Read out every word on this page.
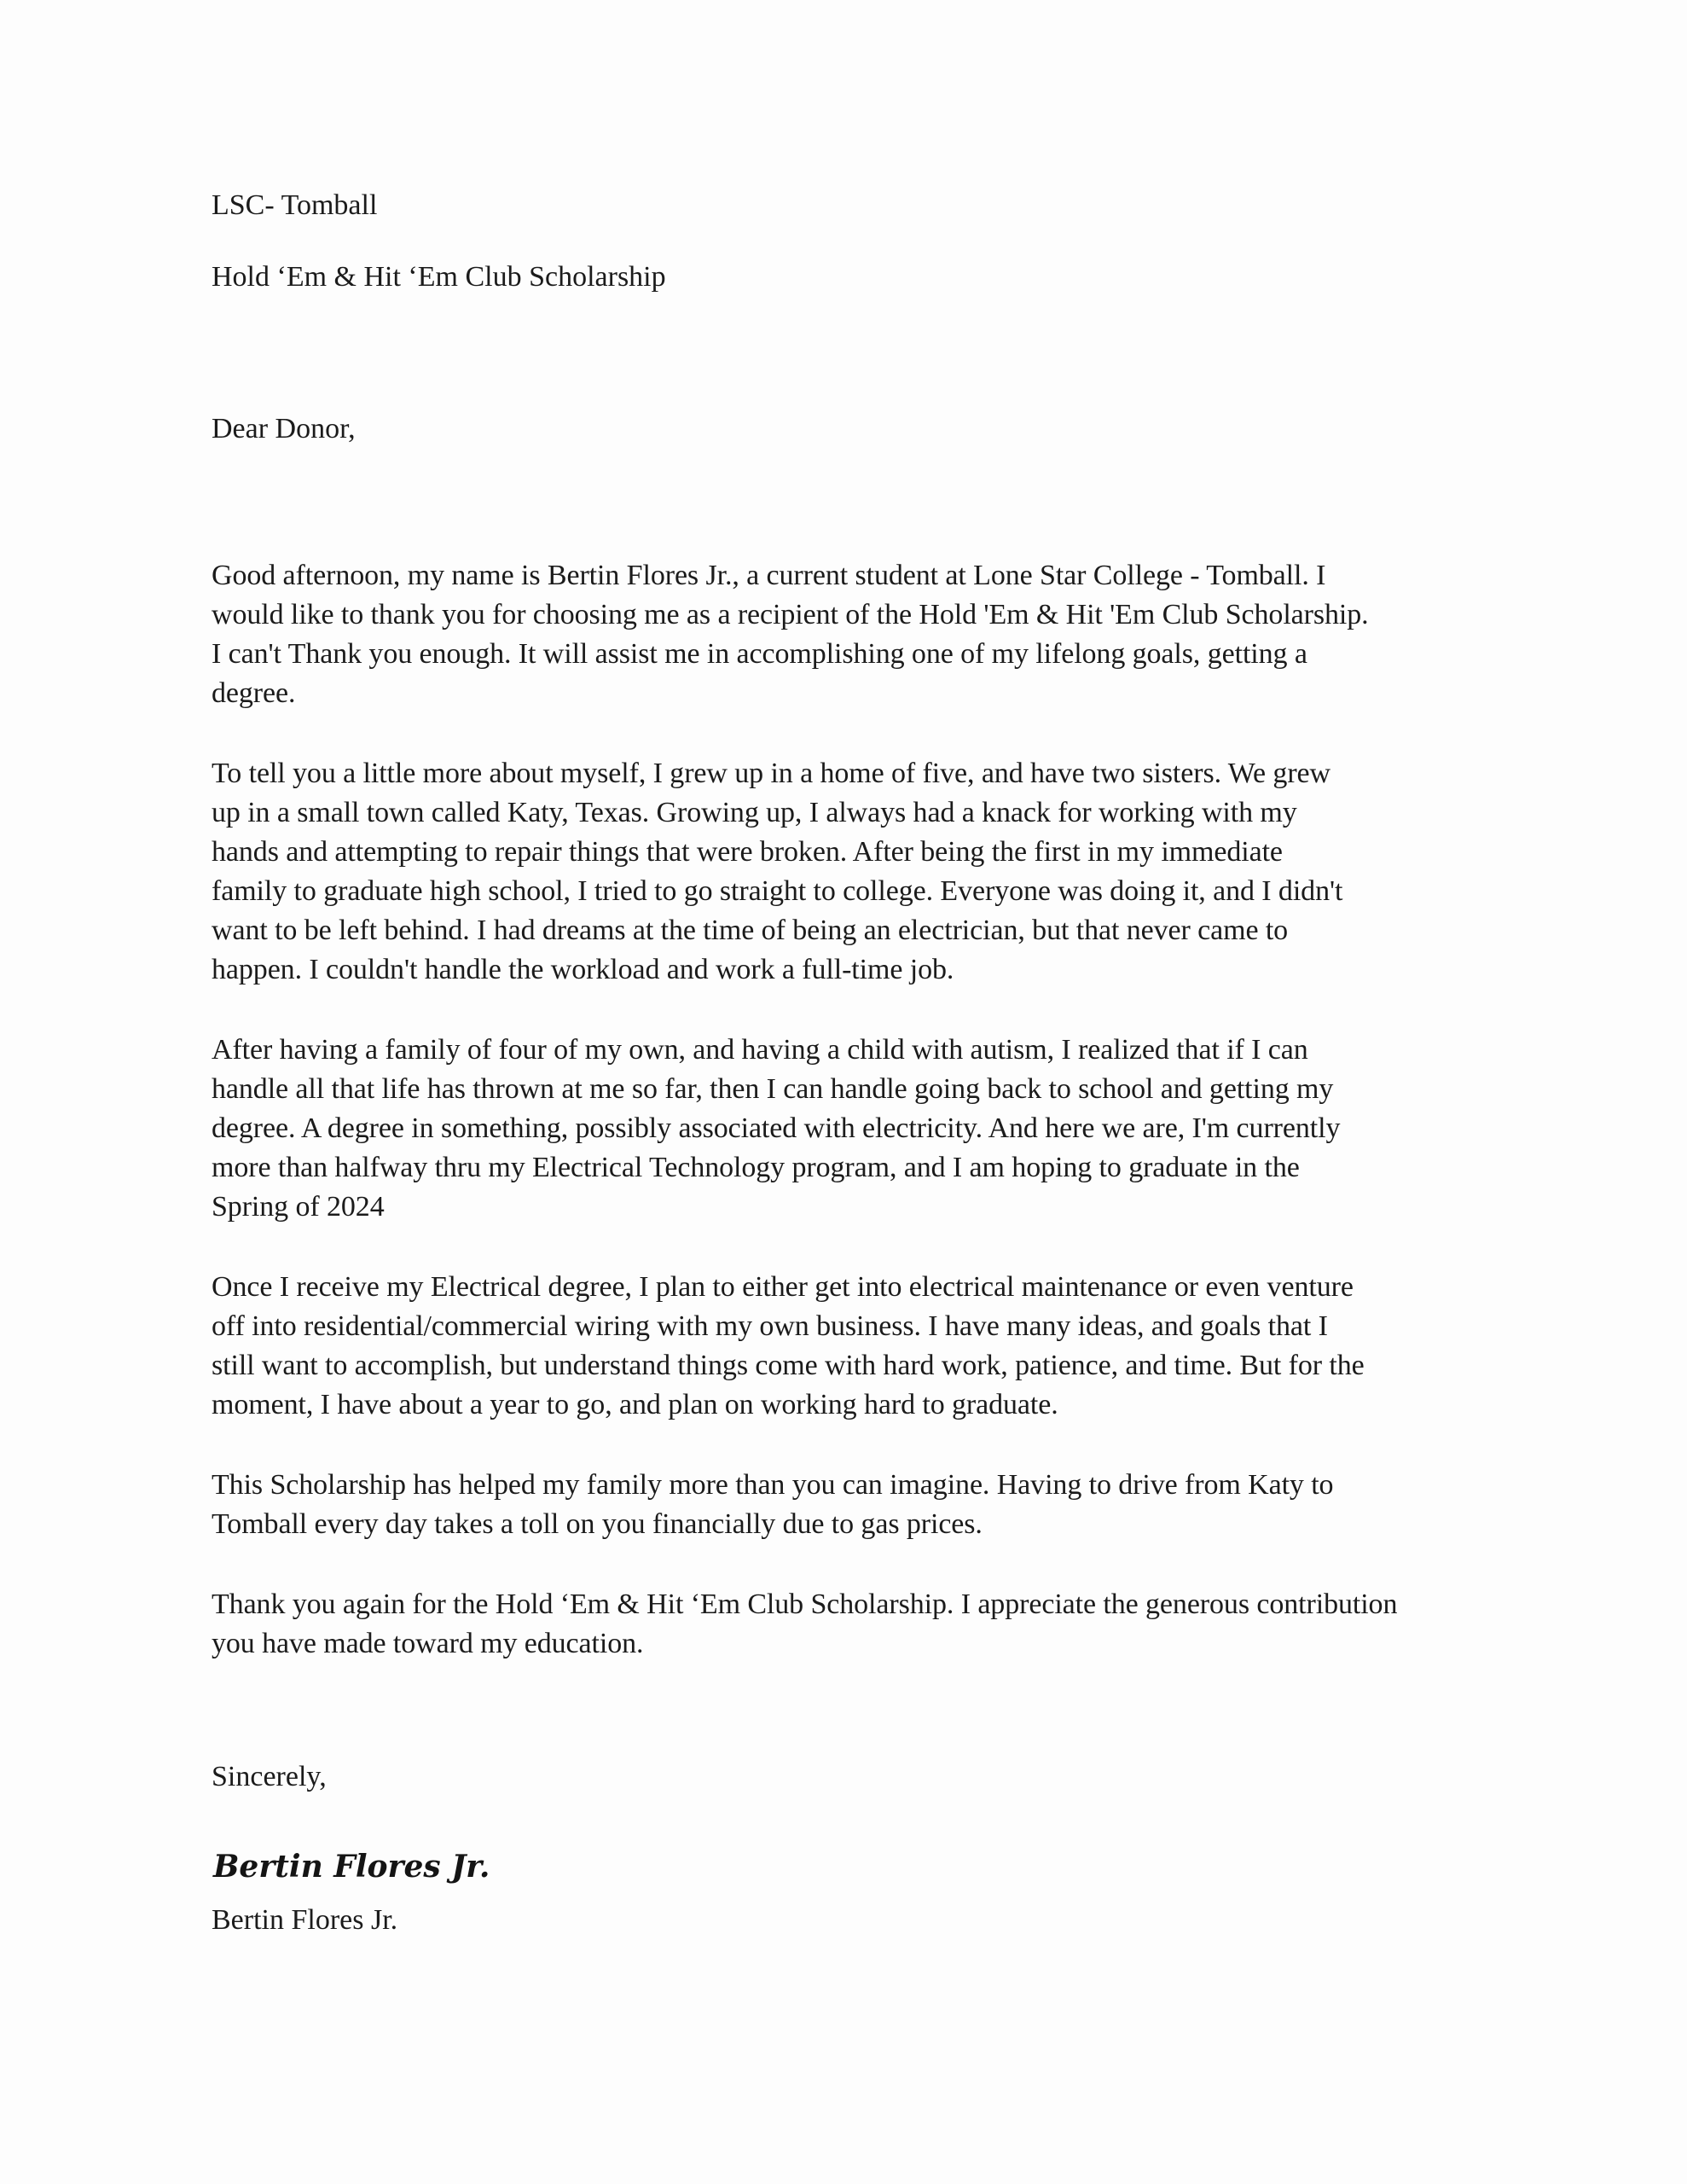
LSC- Tomball

Hold ‘Em & Hit ‘Em Club Scholarship

Dear Donor,

Good afternoon, my name is Bertin Flores Jr., a current student at Lone Star College - Tomball. I

would like to thank you for choosing me as a recipient of the Hold 'Em & Hit 'Em Club Scholarship.

I can't Thank you enough. It will assist me in accomplishing one of my lifelong goals, getting a

degree.

To tell you a little more about myself, I grew up in a home of five, and have two sisters. We grew

up in a small town called Katy, Texas. Growing up, I always had a knack for working with my

hands and attempting to repair things that were broken. After being the first in my immediate

family to graduate high school, I tried to go straight to college. Everyone was doing it, and I didn't

want to be left behind. I had dreams at the time of being an electrician, but that never came to

happen. I couldn't handle the workload and work a full-time job.

After having a family of four of my own, and having a child with autism, I realized that if I can

handle all that life has thrown at me so far, then I can handle going back to school and getting my

degree. A degree in something, possibly associated with electricity. And here we are, I'm currently

more than halfway thru my Electrical Technology program, and I am hoping to graduate in the

Spring of 2024

Once I receive my Electrical degree, I plan to either get into electrical maintenance or even venture

off into residential/commercial wiring with my own business. I have many ideas, and goals that I

still want to accomplish, but understand things come with hard work, patience, and time. But for the

moment, I have about a year to go, and plan on working hard to graduate.

This Scholarship has helped my family more than you can imagine. Having to drive from Katy to

Tomball every day takes a toll on you financially due to gas prices.

Thank you again for the Hold ‘Em & Hit ‘Em Club Scholarship. I appreciate the generous contribution

you have made toward my education.

Sincerely,

Bertin Flores Jr.

Bertin Flores Jr.
